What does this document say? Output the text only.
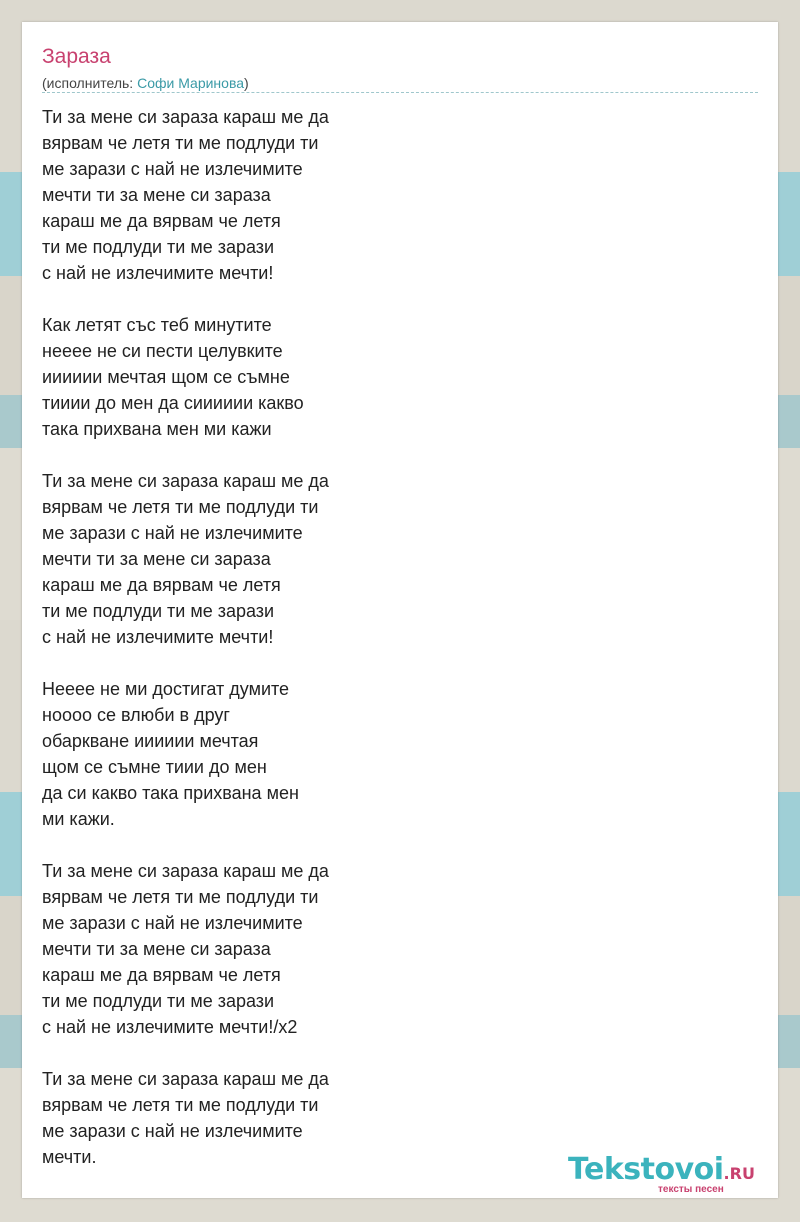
Зараза
(исполнитель: Софи Маринова)
Ти за мене си зараза караш ме да
вярвам че летя ти ме подлуди ти
ме зарази с най не излечимите
мечти ти за мене си зараза
караш ме да вярвам че летя
ти ме подлуди ти ме зарази
с най не излечимите мечти!
Как летят със теб минутите
нееее не си пести целувките
ииииии мечтая щом се съмне
тииии до мен да сииииии какво
така прихвана мен ми кажи
Ти за мене си зараза караш ме да
вярвам че летя ти ме подлуди ти
ме зарази с най не излечимите
мечти ти за мене си зараза
караш ме да вярвам че летя
ти ме подлуди ти ме зарази
с най не излечимите мечти!
Нееее не ми достигат думите
нoooo се влюби в друг
обаркване ииииии мечтая
щом се съмне тиии до мен
да си какво така прихвана мен
ми кажи.
Ти за мене си зараза караш ме да
вярвам че летя ти ме подлуди ти
ме зарази с най не излечимите
мечти ти за мене си зараза
караш ме да вярвам че летя
ти ме подлуди ти ме зарази
с най не излечимите мечти!/x2
Ти за мене си зараза караш ме да
вярвам че летя ти ме подлуди ти
ме зарази с най не излечимите
мечти.	Tekstovoi.RU
тексты песен
